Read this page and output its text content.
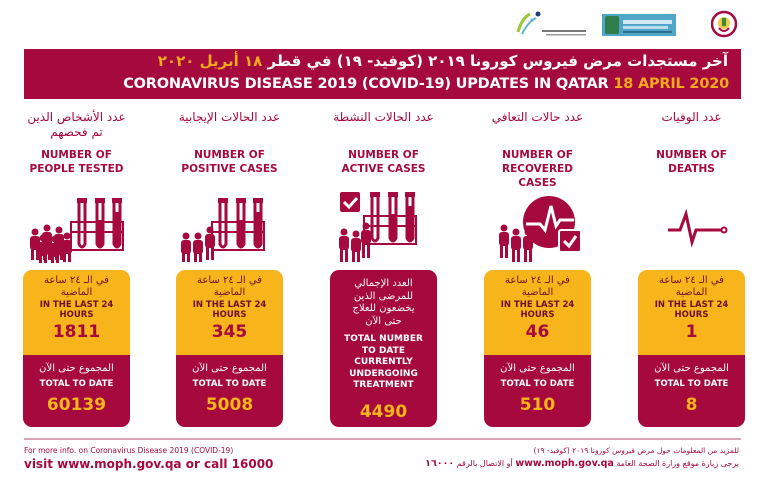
آخر مستجدات مرض فيروس كورونا ٢٠١٩ (كوفيد- ١٩) في قطر ١٨ أبريل ٢٠٢٠
CORONAVIRUS DISEASE 2019 (COVID-19) UPDATES IN QATAR 18 APRIL 2020
عدد الأشخاص الذين تم فحصهم
NUMBER OF
PEOPLE TESTED
في الـ ٢٤ ساعة
الماضية
IN THE LAST 24
HOURS
1811
المجموع حتى الآن
TOTAL TO DATE
60139
عدد الحالات الإيجابية
NUMBER OF
POSITIVE CASES
في الـ ٢٤ ساعة
الماضية
IN THE LAST 24
HOURS
345
المجموع حتى الآن
TOTAL TO DATE
5008
عدد الحالات النشطة
NUMBER OF
ACTIVE CASES
العدد الإجمالي
للمرضى الذين
يخضعون للعلاج
حتى الآن
TOTAL NUMBER
TO DATE
CURRENTLY
UNDERGOING
TREATMENT
4490
عدد حالات التعافي
NUMBER OF
RECOVERED CASES
في الـ ٢٤ ساعة
الماضية
IN THE LAST 24
HOURS
46
المجموع حتى الآن
TOTAL TO DATE
510
عدد الوفيات
NUMBER OF
DEATHS
في الـ ٢٤ ساعة
الماضية
IN THE LAST 24
HOURS
1
المجموع حتى الآن
TOTAL TO DATE
8
For more info. on Coronavirus Disease 2019 (COVID-19)
visit www.moph.gov.qa or call 16000
للمزيد من المعلومات حول مرض فيروس كورونا ٢٠١٩ (كوفيد- ١٩)
يرجى زيارة موقع وزارة الصحة العامة www.moph.gov.qa أو الاتصال بالرقم ١٦٠٠٠
